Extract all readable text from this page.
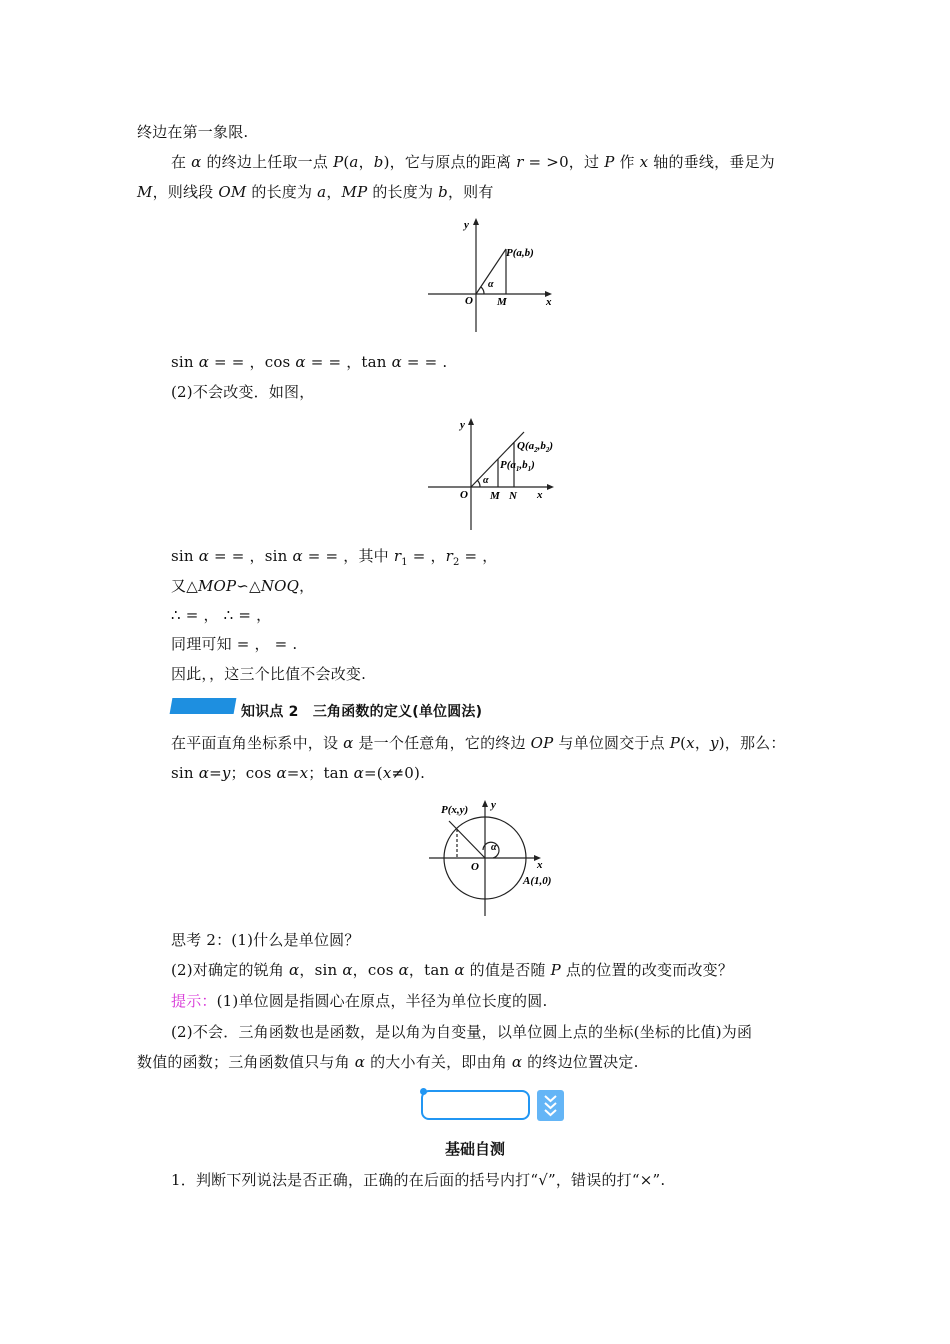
终边在第一象限.
在 α 的终边上任取一点 P(a，b)，它与原点的距离 r = >0，过 P 作 x 轴的垂线，垂足为
M，则线段 OM 的长度为 a，MP 的长度为 b，则有
y
x
O M
P(a,b)
α
sin α = = ，cos α = = ，tan α = = .
(2)不会改变．如图，
y
x
O M N
α
$Q(a_2,b_2)$
$P(a_1,b_1)$
sin α = = ，sin α = = ，其中 $r_1$ = ，$r_2$ = ，
又△MOP∽△NOQ，
∴ = ， ∴ = ，
同理可知 = ， = .
因此，，这三个比值不会改变.
知识点 2　三角函数的定义(单位圆法)
在平面直角坐标系中，设 α 是一个任意角，它的终边 OP 与单位圆交于点 P(x，y)，那么：
sin α=y；cos α=x；tan α=(x≠0).
y
x
O
P(x,y)
A(1,0)
α
思考 2：(1)什么是单位圆？
(2)对确定的锐角 α，sin α，cos α，tan α 的值是否随 P 点的位置的改变而改变？
提示：(1)单位圆是指圆心在原点，半径为单位长度的圆.
(2)不会．三角函数也是函数，是以角为自变量，以单位圆上点的坐标(坐标的比值)为函
数值的函数；三角函数值只与角 α 的大小有关，即由角 α 的终边位置决定.
基础自测
1．判断下列说法是否正确，正确的在后面的括号内打“√”，错误的打“×”.
